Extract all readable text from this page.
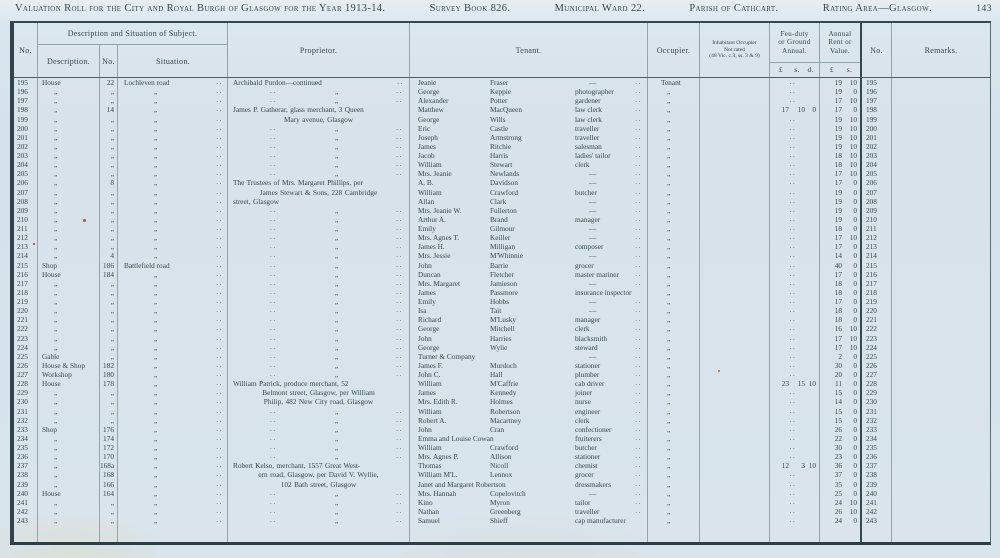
Valuation Roll for the City and Royal Burgh of Glasgow for the Year 1913-14.	Survey Book 826.	Municipal Ward 22.	Parish of Cathcart.	Rating Area—Glasgow.	143
No.
Description and Situation of Subject.
Description.	No.	Situation.
Proprietor.	Tenant.	Occupier.
Inhabitant Occupier
Not rated
(48 Vic. c.3, ss. 3 & 9)
Feu-duty
or Ground
Annual.
£	s.	d.
Annual
Rent or
Value.
£	s.
No.	Remarks.
195	House	22	Lochleven road	.. Archibald Purdon—continued	.. Jeanie	Fraser	—	..	Tenant	..	19	10	195
196	„	„	„	..	..	„	.. George	Keppie	photographer	..	„	..	19	0	196
197	„	„	„	..	..	„	.. Alexander	Potter	gardener	..	„	..	17	10	197
198	„	14	„	.. James P. Gatherar, glass merchant, 3 Queen	Matthew	MacQueen	law clerk	..	„	17	10	0	17	0	198
199	„	„	„	..	Mary avenue, Glasgow	George	Wills	law clerk	..	„	..	19	10	199
200	„	„	„	..	..	„	.. Eric	Castle	traveller	..	„	..	19	10	200
201	„	„	„	..	..	„	.. Joseph	Armstrong	traveller	..	„	..	19	10	201
202	„	„	„	..	..	„	.. James	Ritchie	salesman	..	„	..	19	10	202
203	„	„	„	..	..	„	.. Jacob	Harris	ladies' tailor	..	„	..	18	10	203
204	„	„	„	..	..	„	.. William	Stewart	clerk	..	„	..	18	10	204
205	„	„	„	..	..	„	.. Mrs. Jeanie	Newlands	—	..	„	..	17	10	205
206	„	8	„	.. The Trustees of Mrs. Margaret Phillips, per	A. B.	Davidson	—	..	„	..	17	0	206
207	„	„	„	..	James Stewart & Sons, 228 Cambridge	William	Crawford	butcher	..	„	..	19	0	207
208	„	„	„	.. street, Glasgow	Allan	Clark	—	..	„	..	19	0	208
209	„	„	„	..	..	„	.. Mrs. Jeanie W.	Fullerton	—	..	„	..	19	0	209
210	„	„	„	..	..	„	.. Arthur A.	Brand	manager	..	„	..	19	0	210
211	„	„	„	..	..	„	.. Emily	Gilmour	—	..	„	..	18	0	211
212	„	„	„	..	..	„	.. Mrs. Agnes T.	Keiller	—	..	„	..	17	10	212
213	„	„	„	..	..	„	.. James H.	Milligan	composer	..	„	..	17	0	213
214	„	4	„	..	..	„	.. Mrs. Jessie	M'Whinnie	—	..	„	..	14	0	214
215	Shop	186	Battlefield road	..	..	„	.. John	Barrie	grocer	..	„	..	40	0	215
216	House	184	„	..	..	„	.. Duncan	Fletcher	master mariner ..	„	..	17	0	216
217	„	„	„	..	..	„	.. Mrs. Margaret	Jamieson	—	..	„	..	18	0	217
218	„	„	„	..	..	„	.. James	Passmore	insurance inspector	„	..	18	0	218
219	„	„	„	..	..	„	.. Emily	Hobbs	—	..	„	..	17	0	219
220	„	„	„	..	..	„	.. Isa	Tait	—	..	„	..	18	0	220
221	„	„	„	..	..	„	.. Richard	M'Lusky	manager	..	„	..	18	0	221
222	„	„	„	..	..	„	.. George	Mitchell	clerk	..	„	..	16	10	222
223	„	„	„	..	..	„	.. John	Harries	blacksmith	..	„	..	17	10	223
224	„	„	„	..	..	„	.. George	Wylie	steward	..	„	..	17	10	224
225	Gable	„	„	..	..	„	.. Turner & Company	—	..	„	..	2	0	225
226	House & Shop	182	„	..	..	„	.. James F.	Murdoch	stationer	..	„	..	30	0	226
227	Workshop	180	„	..	..	„	.. John C.	Hall	plumber	..	„	..	20	0	227
228	House	178	„	.. William Patrick, produce merchant, 52	William	M'Caffrie	cab driver	..	„	23	15 10	11	0	228
229	„	„	„	..	Belmont street, Glasgow, per William	James	Kennedy	joiner	..	„	..	15	0	229
230	„	„	„	..	Philip, 482 New City road, Glasgow	Mrs. Edith R.	Holmes	nurse	..	„	..	14	0	230
231	„	„	„	..	..	„	.. William	Robertson	engineer	..	„	..	15	0	231
232	„	„	„	..	..	„	.. Robert A.	Macartney	clerk	..	„	..	15	0	232
233	Shop	176	„	..	..	„	.. John	Cran	confectioner	..	„	..	26	0	233
234	„	174	„	..	..	„	.. Emma and Louise Cowan	fruiterers	..	„	..	22	0	234
235	„	172	„	..	..	„	.. William	Crawford	butcher	..	„	..	30	0	235
236	„	170	„	..	..	„	.. Mrs. Agnes P.	Allison	stationer	..	„	..	23	0	236
237	„	168a	„	.. Robert Kelso, merchant, 1557 Great West-	Thomas	Nicoll	chemist	..	„	12	3 10	36	0	237
238	„	168	„	..	ern road, Glasgow, per David V. Wyllie,	William M'L.	Lennox	grocer	..	„	..	37	0	238
239	„	166	„	..	102 Bath street, Glasgow	Janet and Margaret Robertson	dressmakers	..	„	..	35	0	239
240	House	164	„	..	..	„	.. Mrs. Hannah	Copelovitch	—	..	„	..	25	0	240
241	„	„	„	..	..	„	.. Kino	Myron	tailor	..	„	..	24	10	241
242	„	„	„	..	..	„	.. Nathan	Greenberg	traveller	..	„	..	26	10	242
243	„	„	„	..	..	„	.. Samuel	Shieff	cap manufacturer	„	..	24	0	243
